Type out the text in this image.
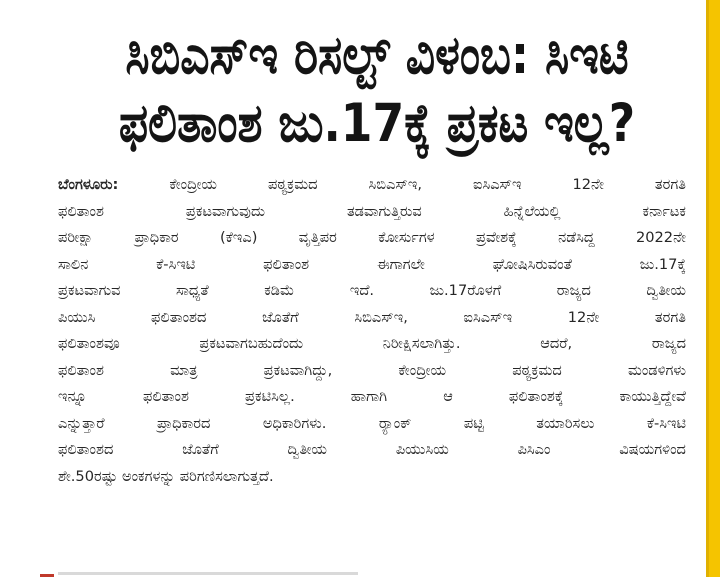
ಸಿಬಿಎಸ್‌ಇ ರಿಸಲ್ಟ್ ವಿಳಂಬ: ಸಿಇಟಿ
ಫಲಿತಾಂಶ ಜು.17ಕ್ಕೆ ಪ್ರಕಟ ಇಲ್ಲ?
ಬೆಂಗಳೂರು: ಕೇಂದ್ರೀಯ ಪಠ್ಯಕ್ರಮದ ಸಿಬಿಎಸ್‌ಇ, ಐಸಿಎಸ್‌ಇ 12ನೇ ತರಗತಿ
ಫಲಿತಾಂಶ ಪ್ರಕಟವಾಗುವುದು ತಡವಾಗುತ್ತಿರುವ ಹಿನ್ನೆಲೆಯಲ್ಲಿ ಕರ್ನಾಟಕ
ಪರೀಕ್ಷಾ ಪ್ರಾಧಿಕಾರ (ಕೆಇಎ) ವೃತ್ತಿಪರ ಕೋರ್ಸುಗಳ ಪ್ರವೇಶಕ್ಕೆ ನಡೆಸಿದ್ದ 2022ನೇ
ಸಾಲಿನ ಕೆ-ಸಿಇಟಿ ಫಲಿತಾಂಶ ಈಗಾಗಲೇ ಘೋಷಿಸಿರುವಂತೆ ಜು.17ಕ್ಕೆ
ಪ್ರಕಟವಾಗುವ ಸಾಧ್ಯತೆ ಕಡಿಮೆ ಇದೆ. ಜು.17ರೊಳಗೆ ರಾಜ್ಯದ ದ್ವಿತೀಯ
ಪಿಯುಸಿ ಫಲಿತಾಂಶದ ಜೊತೆಗೆ ಸಿಬಿಎಸ್‌ಇ, ಐಸಿಎಸ್‌ಇ 12ನೇ ತರಗತಿ
ಫಲಿತಾಂಶವೂ ಪ್ರಕಟವಾಗಬಹುದೆಂದು ನಿರೀಕ್ಷಿಸಲಾಗಿತ್ತು. ಆದರೆ, ರಾಜ್ಯದ
ಫಲಿತಾಂಶ ಮಾತ್ರ ಪ್ರಕಟವಾಗಿದ್ದು, ಕೇಂದ್ರೀಯ ಪಠ್ಯಕ್ರಮದ ಮಂಡಳಿಗಳು
ಇನ್ನೂ ಫಲಿತಾಂಶ ಪ್ರಕಟಿಸಿಲ್ಲ. ಹಾಗಾಗಿ ಆ ಫಲಿತಾಂಶಕ್ಕೆ ಕಾಯುತ್ತಿದ್ದೇವೆ
ಎನ್ನುತ್ತಾರೆ ಪ್ರಾಧಿಕಾರದ ಅಧಿಕಾರಿಗಳು. ರ‍್ಯಾಂಕ್ ಪಟ್ಟಿ ತಯಾರಿಸಲು ಕೆ-ಸಿಇಟಿ
ಫಲಿತಾಂಶದ ಜೊತೆಗೆ ದ್ವಿತೀಯ ಪಿಯುಸಿಯ ಪಿಸಿಎಂ ವಿಷಯಗಳಿಂದ
ಶೇ.50ರಷ್ಟು ಅಂಕಗಳನ್ನು ಪರಿಗಣಿಸಲಾಗುತ್ತದೆ.
